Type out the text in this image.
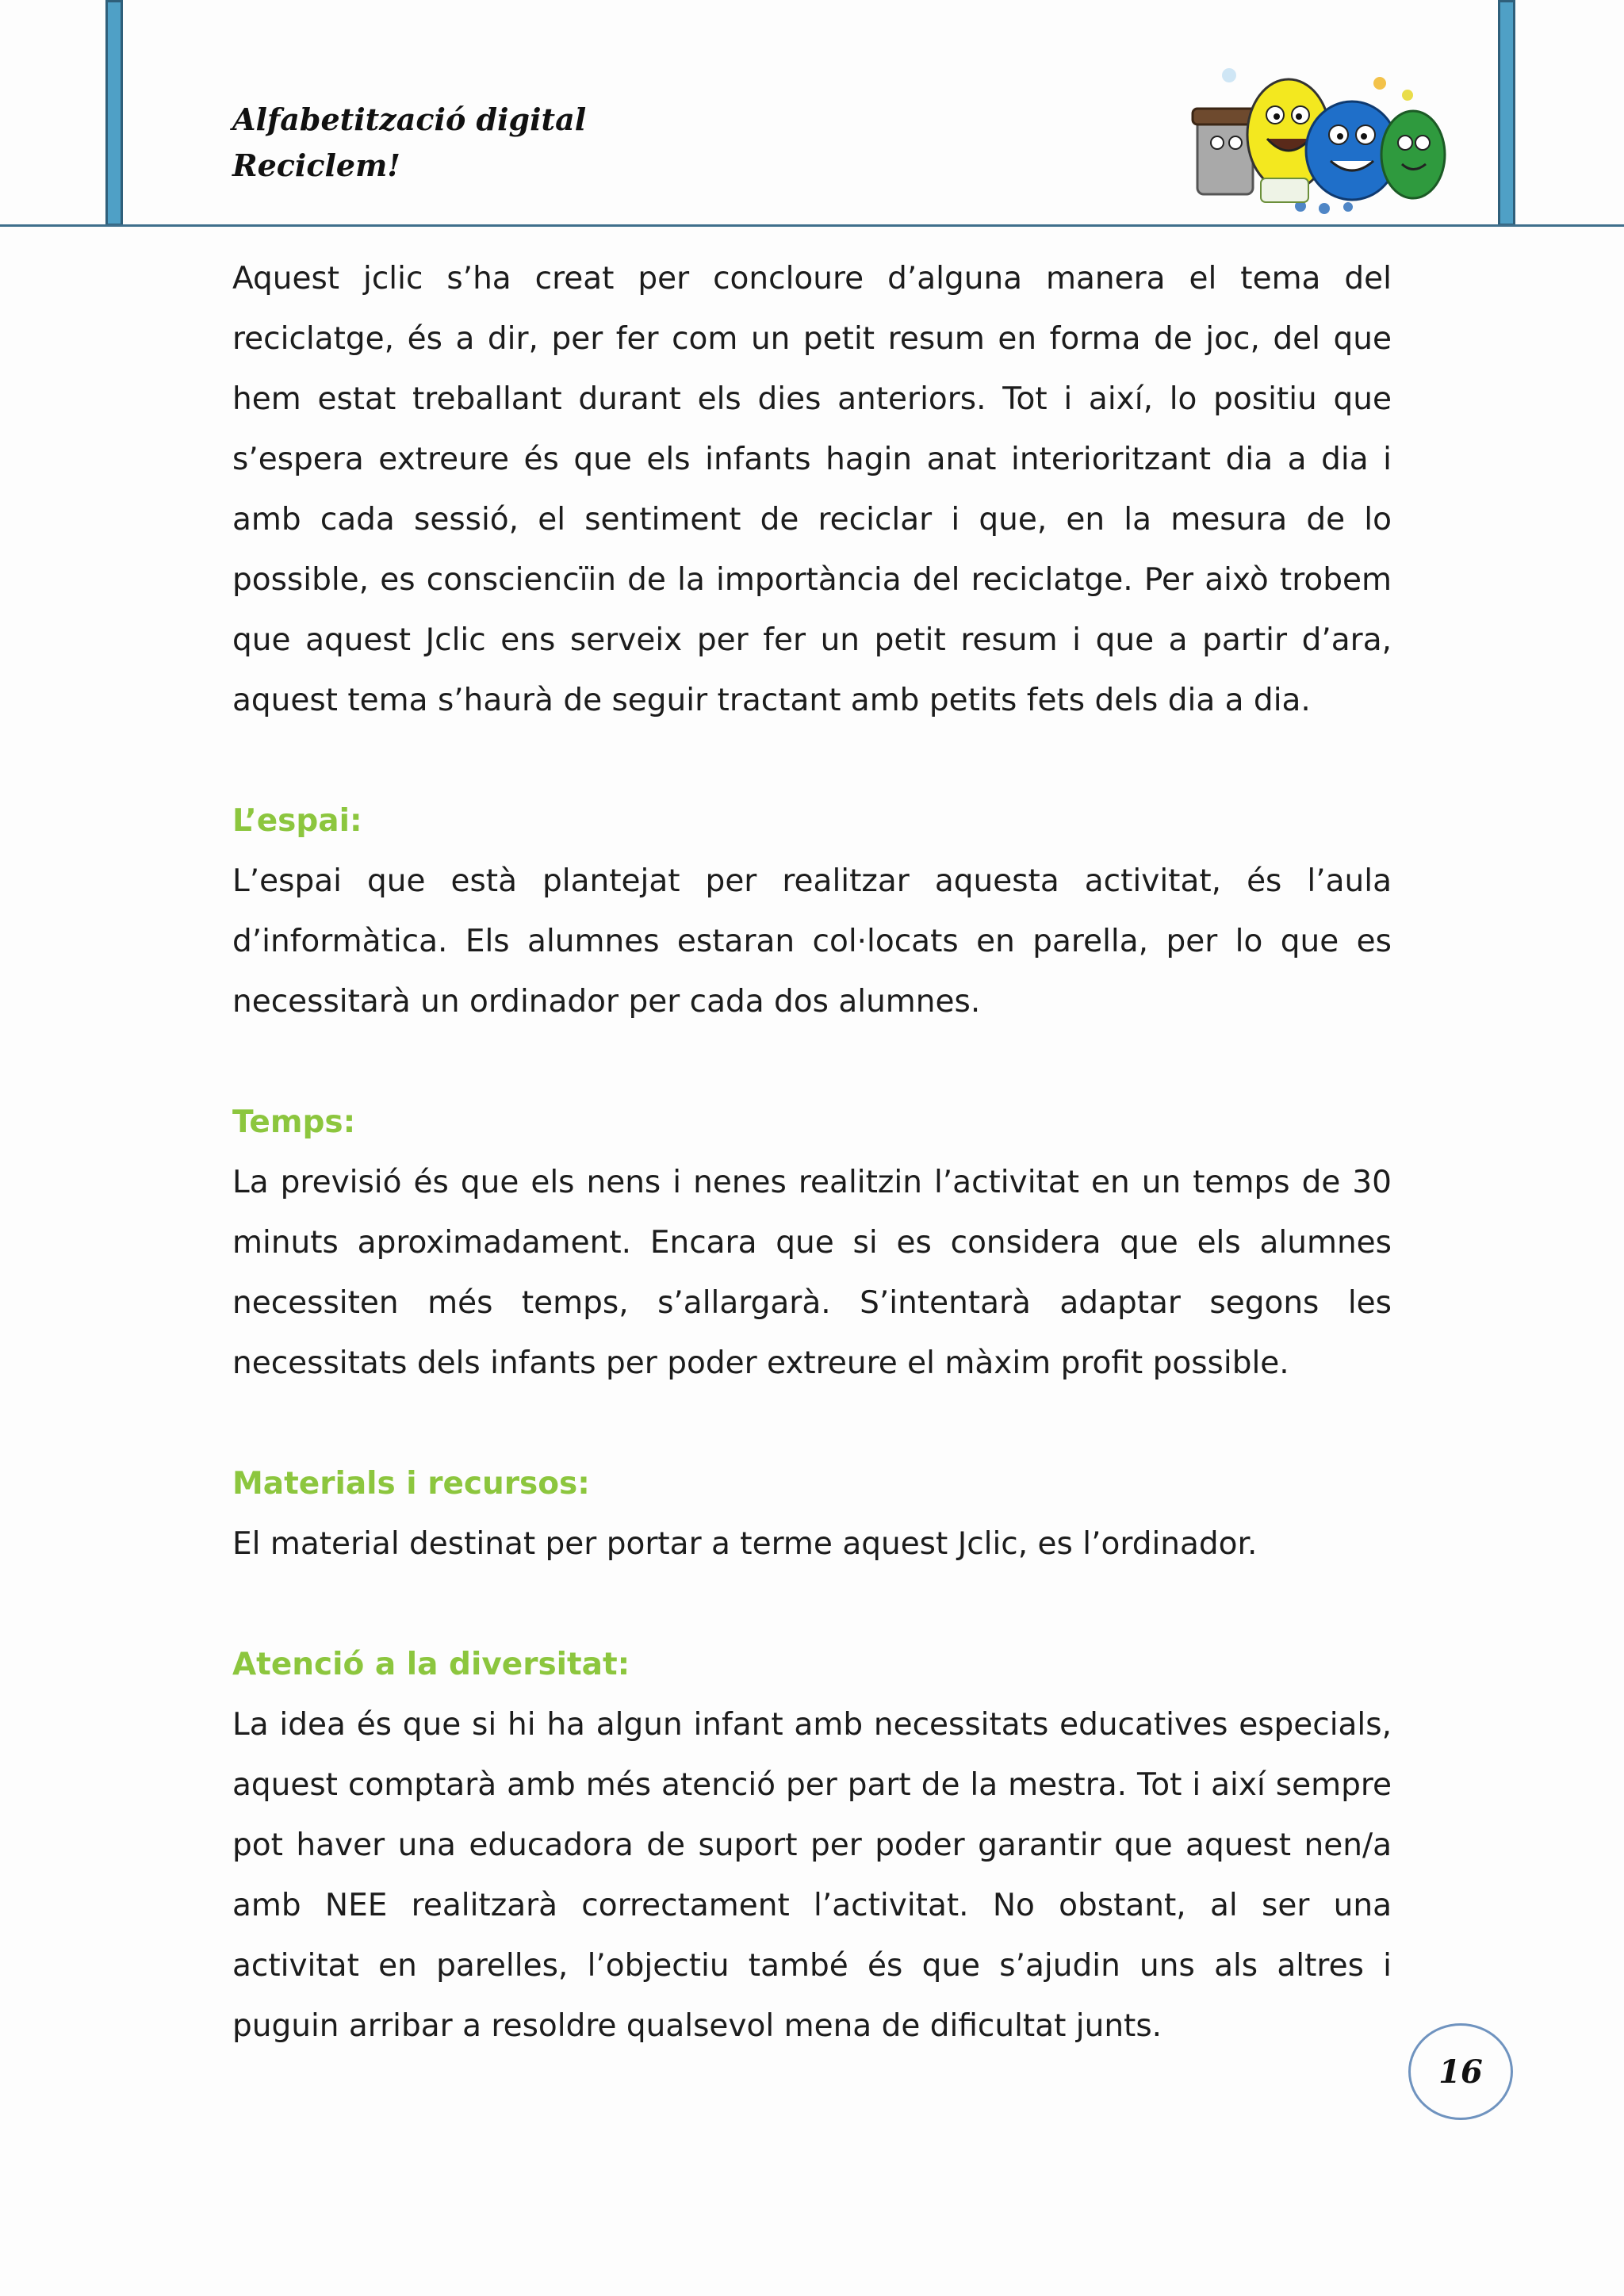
Alfabetització digital
Reciclem!

Aquest jclic s’ha creat per concloure d’alguna manera el tema del reciclatge, és a dir, per fer com un petit resum en forma de joc, del que hem estat treballant durant els dies anteriors. Tot i així, lo positiu que s’espera extreure és que els infants hagin anat interioritzant dia a dia i amb cada sessió, el sentiment de reciclar i que, en la mesura de lo possible, es consciencïin de la importància del reciclatge. Per això trobem que aquest Jclic ens serveix per fer un petit resum i que a partir d’ara, aquest tema s’haurà de seguir tractant amb petits fets dels dia a dia.

L’espai:

L’espai que està plantejat per realitzar aquesta activitat, és l’aula d’informàtica. Els alumnes estaran col·locats en parella, per lo que es necessitarà un ordinador per cada dos alumnes.

Temps:

La previsió és que els nens i nenes realitzin l’activitat en un temps de 30 minuts aproximadament. Encara que si es considera que els alumnes necessiten més temps, s’allargarà. S’intentarà adaptar segons les necessitats dels infants per poder extreure el màxim profit possible.

Materials i recursos:

El material destinat per portar a terme aquest Jclic, es l’ordinador.

Atenció a la diversitat:

La idea és que si hi ha algun infant amb necessitats educatives especials, aquest comptarà amb més atenció per part de la mestra. Tot i així sempre pot haver una educadora de suport per poder garantir que aquest nen/a amb NEE realitzarà correctament l’activitat. No obstant, al ser una activitat en parelles, l’objectiu també és que s’ajudin uns als altres i puguin arribar a resoldre qualsevol mena de dificultat junts.

16
